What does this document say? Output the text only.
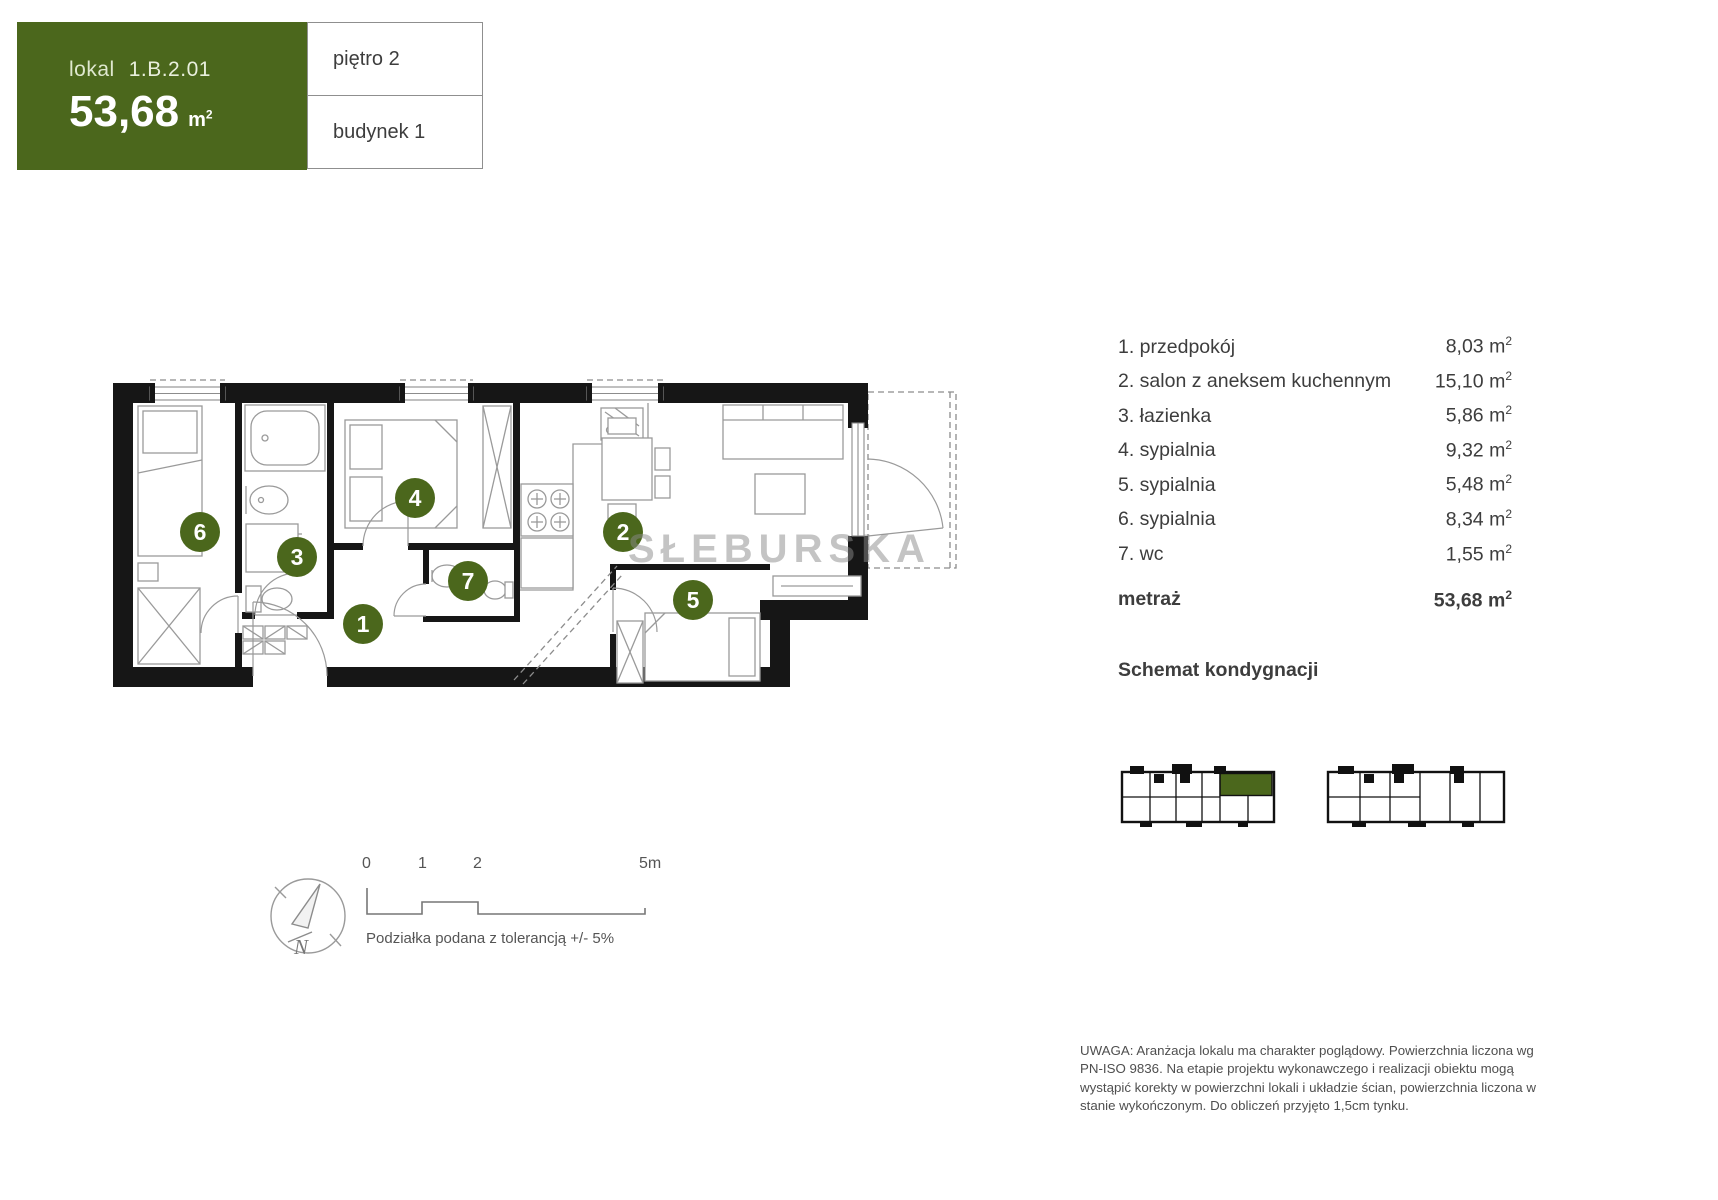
lokal 1.B.2.01
53,68 $m^2$
piętro 2
budynek 1
1
2
3
4
5
6
7
SŁEBURSKA
1. przedpokój	8,03 $m^2$
2. salon z aneksem kuchennym 15,10 $m^2$
3. łazienka	5,86 $m^2$
4. sypialnia	9,32 $m^2$
5. sypialnia	5,48 $m^2$
6. sypialnia	8,34 $m^2$
7. wc	1,55 $m^2$
metraż	53,68 $m^2$
Schemat kondygnacji
N
0	1	2	5m
Podziałka podana z tolerancją +/- 5%
UWAGA: Aranżacja lokalu ma charakter poglądowy. Powierzchnia liczona wg PN-ISO 9836. Na etapie projektu wykonawczego i realizacji obiektu mogą wystąpić korekty w powierzchni lokali i układzie ścian, powierzchnia liczona w stanie wykończonym. Do obliczeń przyjęto 1,5cm tynku.
